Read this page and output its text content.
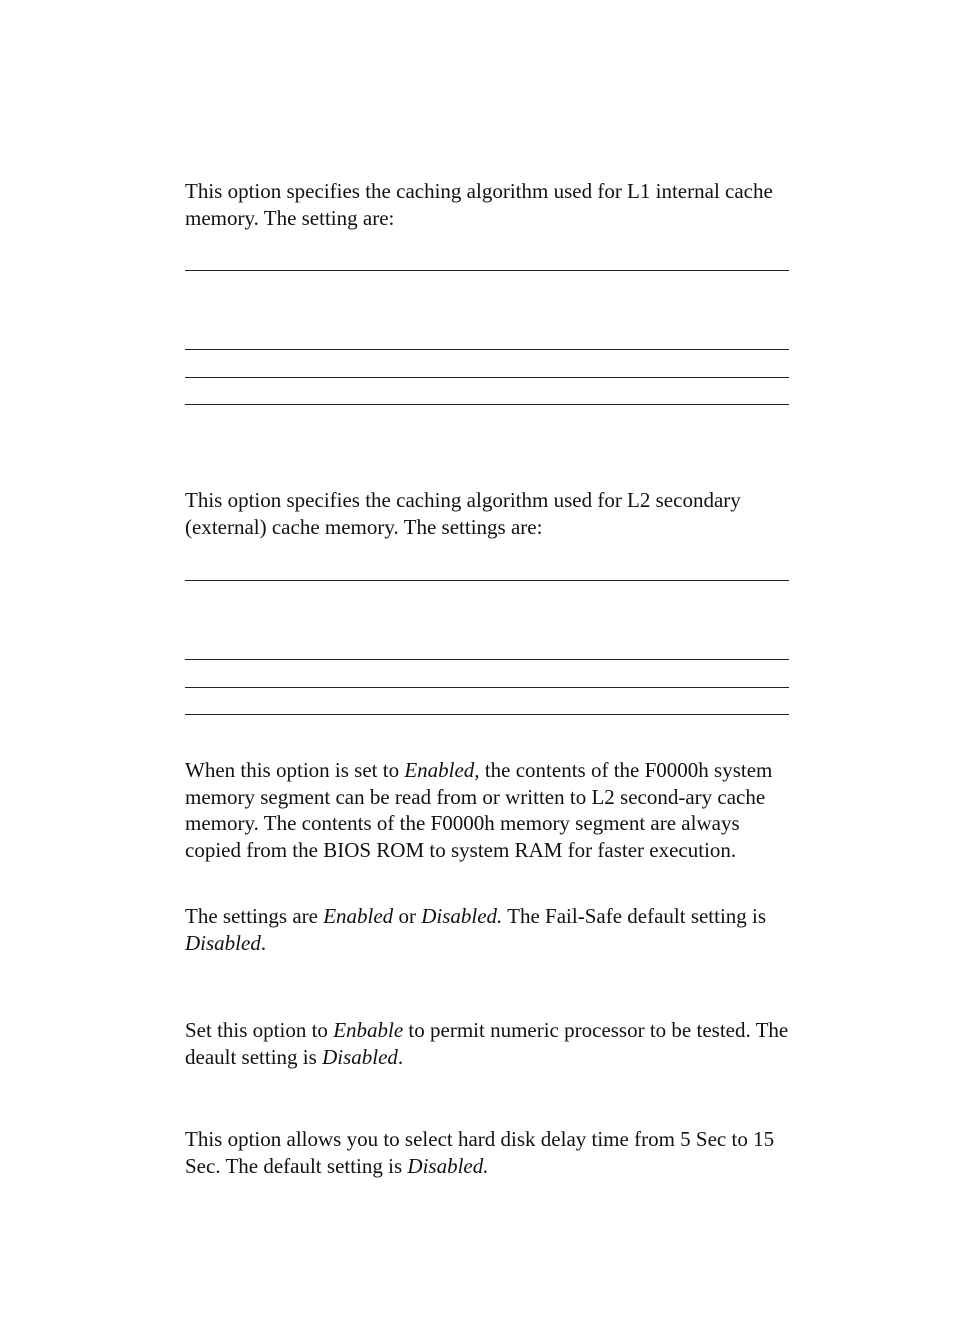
This option specifies the caching algorithm used for L1 internal cache memory. The setting are:

This option specifies the caching algorithm used for L2 secondary (external) cache memory. The settings are:

When this option is set to Enabled, the contents of the F0000h system memory segment can be read from or written to L2 second-ary cache memory. The contents of the F0000h memory segment are always copied from the BIOS ROM to system RAM for faster execution.

The settings are Enabled or Disabled. The Fail-Safe default setting is Disabled.

Set this option to Enbable to permit numeric processor to be tested. The deault setting is Disabled.

This option allows you to select hard disk delay time from 5 Sec to 15 Sec. The default setting is Disabled.
